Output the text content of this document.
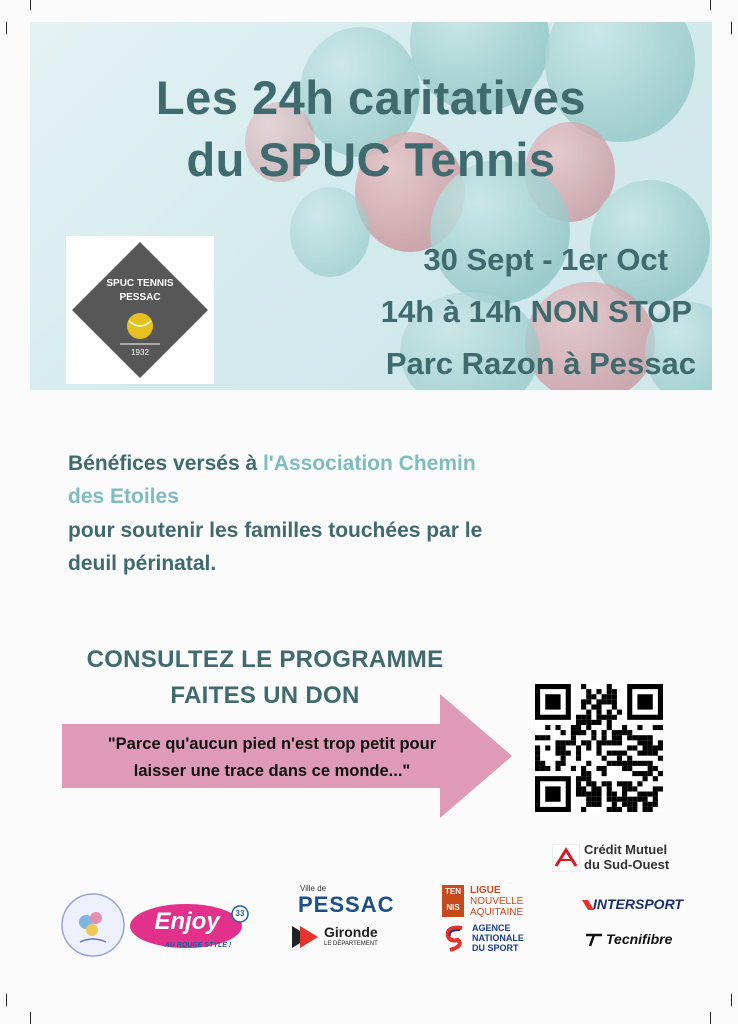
Les 24h caritatives
du SPUC Tennis
30 Sept - 1er Oct
14h à 14h NON STOP
Parc Razon à Pessac
SPUC TENNIS
PESSAC
1932
Bénéfices versés à l'Association Chemin
des Etoiles
pour soutenir les familles touchées par le
deuil périnatal.
CONSULTEZ LE PROGRAMME
FAITES UN DON
"Parce qu'aucun pied n'est trop petit pour
laisser une trace dans ce monde..."
Crédit Mutuel
du Sud-Ouest
Enjoy	33
AU ROUGE STYLE !
Ville de
PESSAC
Gironde
LE DÉPARTEMENT
TEN
NIS
LIGUE
NOUVELLE
AQUITAINE
AGENCE
NATIONALE
DU SPORT
INTERSPORT
Tecnifibre
